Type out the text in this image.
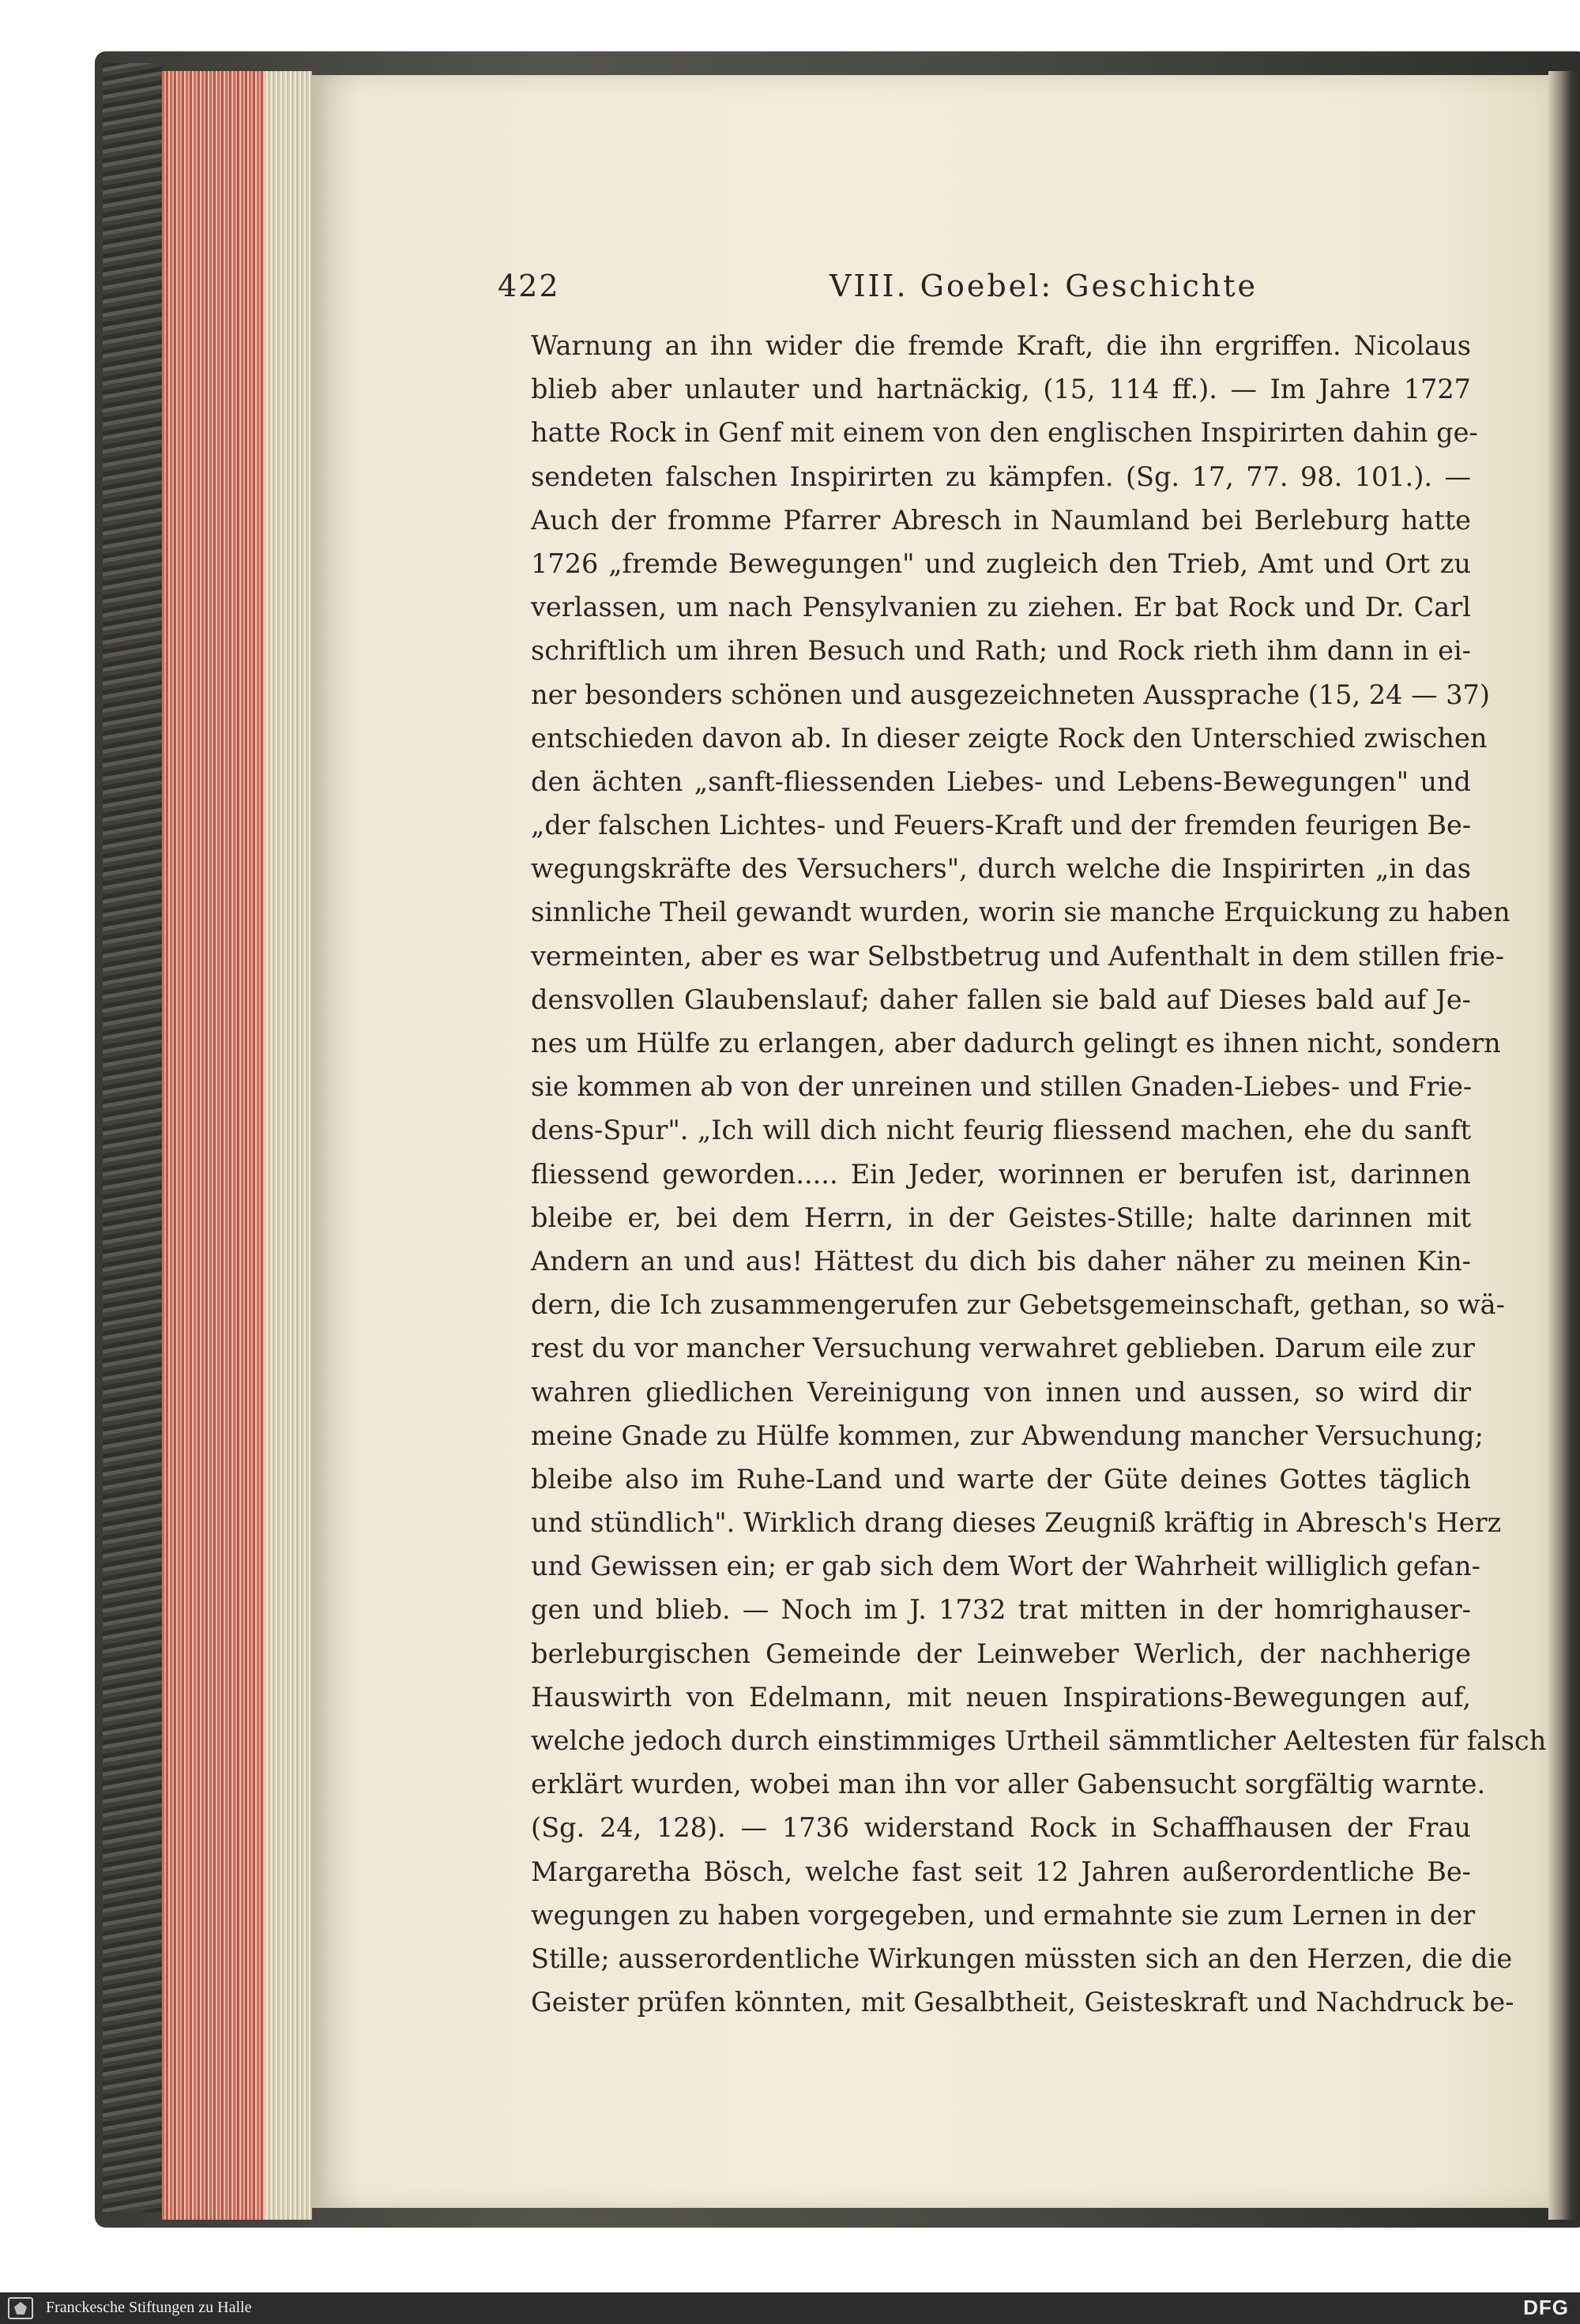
422	VIII. Goebel: Geschichte
Warnung an ihn wider die fremde Kraft, die ihn ergriffen. Nicolaus
blieb aber unlauter und hartnäckig, (15, 114 ff.). — Im Jahre 1727
hatte Rock in Genf mit einem von den englischen Inspirirten dahin ge-
sendeten falschen Inspirirten zu kämpfen. (Sg. 17, 77. 98. 101.). —
Auch der fromme Pfarrer Abresch in Naumland bei Berleburg hatte
1726 „fremde Bewegungen" und zugleich den Trieb, Amt und Ort zu
verlassen, um nach Pensylvanien zu ziehen. Er bat Rock und Dr. Carl
schriftlich um ihren Besuch und Rath; und Rock rieth ihm dann in ei-
ner besonders schönen und ausgezeichneten Aussprache (15, 24 — 37)
entschieden davon ab. In dieser zeigte Rock den Unterschied zwischen
den ächten „sanft-fliessenden Liebes- und Lebens-Bewegungen" und
„der falschen Lichtes- und Feuers-Kraft und der fremden feurigen Be-
wegungskräfte des Versuchers", durch welche die Inspirirten „in das
sinnliche Theil gewandt wurden, worin sie manche Erquickung zu haben
vermeinten, aber es war Selbstbetrug und Aufenthalt in dem stillen frie-
densvollen Glaubenslauf; daher fallen sie bald auf Dieses bald auf Je-
nes um Hülfe zu erlangen, aber dadurch gelingt es ihnen nicht, sondern
sie kommen ab von der unreinen und stillen Gnaden-Liebes- und Frie-
dens-Spur". „Ich will dich nicht feurig fliessend machen, ehe du sanft
fliessend geworden..... Ein Jeder, worinnen er berufen ist, darinnen
bleibe er, bei dem Herrn, in der Geistes-Stille; halte darinnen mit
Andern an und aus! Hättest du dich bis daher näher zu meinen Kin-
dern, die Ich zusammengerufen zur Gebetsgemeinschaft, gethan, so wä-
rest du vor mancher Versuchung verwahret geblieben. Darum eile zur
wahren gliedlichen Vereinigung von innen und aussen, so wird dir
meine Gnade zu Hülfe kommen, zur Abwendung mancher Versuchung;
bleibe also im Ruhe-Land und warte der Güte deines Gottes täglich
und stündlich". Wirklich drang dieses Zeugniß kräftig in Abresch's Herz
und Gewissen ein; er gab sich dem Wort der Wahrheit williglich gefan-
gen und blieb. — Noch im J. 1732 trat mitten in der homrighauser-
berleburgischen Gemeinde der Leinweber Werlich, der nachherige
Hauswirth von Edelmann, mit neuen Inspirations-Bewegungen auf,
welche jedoch durch einstimmiges Urtheil sämmtlicher Aeltesten für falsch
erklärt wurden, wobei man ihn vor aller Gabensucht sorgfältig warnte.
(Sg. 24, 128). — 1736 widerstand Rock in Schaffhausen der Frau
Margaretha Bösch, welche fast seit 12 Jahren außerordentliche Be-
wegungen zu haben vorgegeben, und ermahnte sie zum Lernen in der
Stille; ausserordentliche Wirkungen müssten sich an den Herzen, die die
Geister prüfen könnten, mit Gesalbtheit, Geisteskraft und Nachdruck be-
Franckesche Stiftungen zu Halle	DFG
